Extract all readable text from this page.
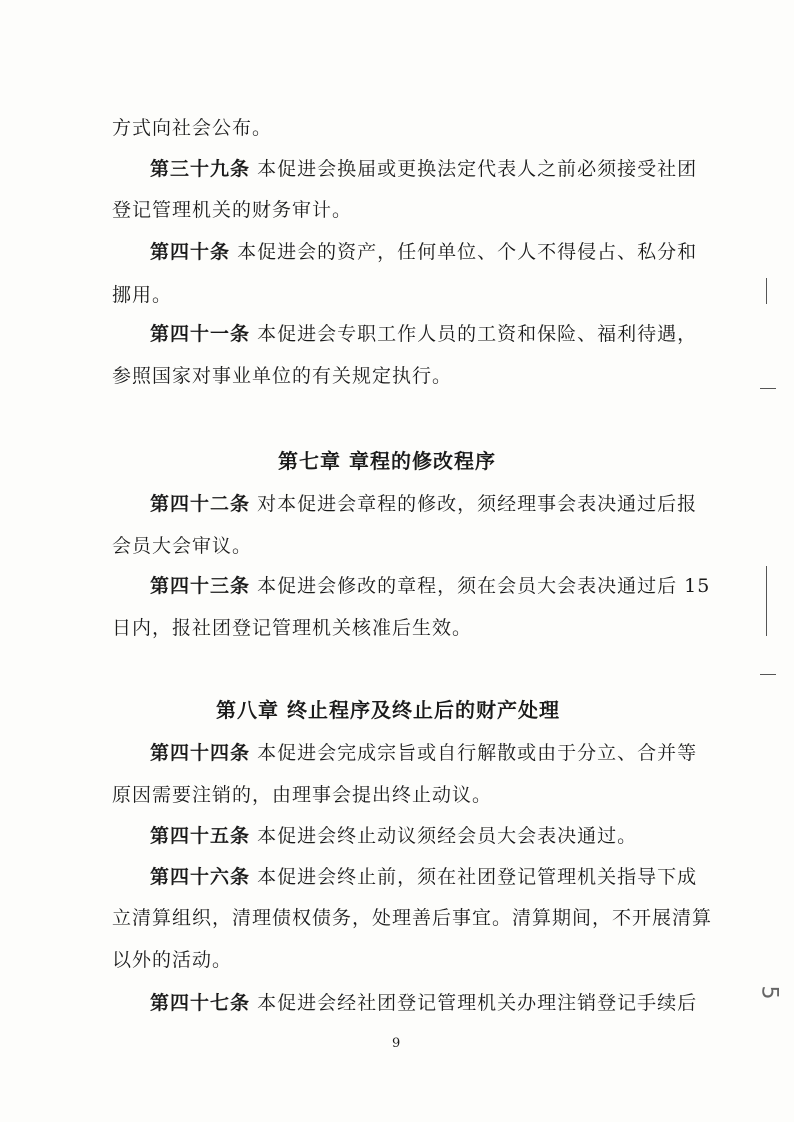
方式向社会公布。
第三十九条 本促进会换届或更换法定代表人之前必须接受社团
登记管理机关的财务审计。
第四十条 本促进会的资产，任何单位、个人不得侵占、私分和
挪用。
第四十一条 本促进会专职工作人员的工资和保险、福利待遇，
参照国家对事业单位的有关规定执行。
第七章 章程的修改程序
第四十二条 对本促进会章程的修改，须经理事会表决通过后报
会员大会审议。
第四十三条 本促进会修改的章程，须在会员大会表决通过后 15
日内，报社团登记管理机关核准后生效。
第八章 终止程序及终止后的财产处理
第四十四条 本促进会完成宗旨或自行解散或由于分立、合并等
原因需要注销的，由理事会提出终止动议。
第四十五条 本促进会终止动议须经会员大会表决通过。
第四十六条 本促进会终止前，须在社团登记管理机关指导下成
立清算组织，清理债权债务，处理善后事宜。清算期间，不开展清算
以外的活动。
第四十七条 本促进会经社团登记管理机关办理注销登记手续后
9
5
